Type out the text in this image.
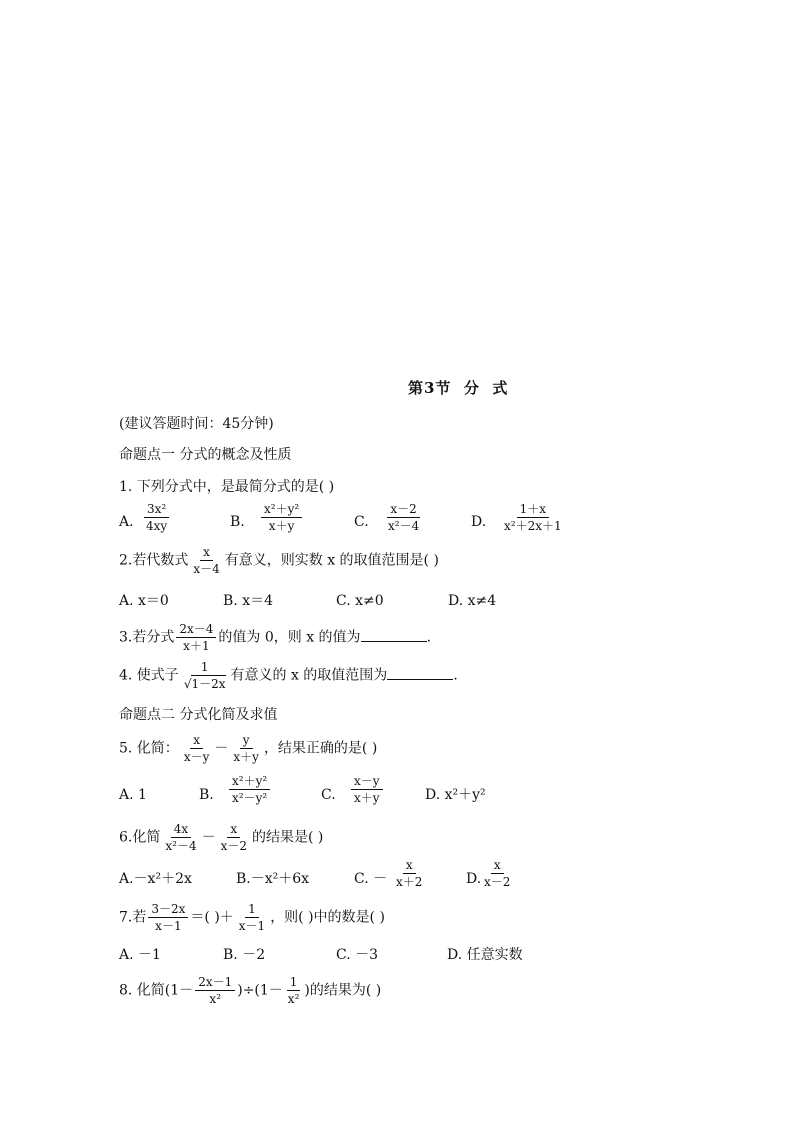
第3节  分  式
(建议答题时间：45分钟)
命题点一 分式的概念及性质
1. 下列分式中，是最简分式的是( )
A. $\frac{\text{3x²}}{4xy}$	B. $\frac{\text{x²＋y²}}{x+y}$	C. $\frac{x-2}{\text{x²－4}}$	D. $\frac{1+x}{\text{x²＋2x＋1}}$
2.若代数式 $\frac{x}{x-4}$ 有意义，则实数 x 的取值范围是( )
A. x＝0	B. x＝4	C. x≠0	D. x≠4
3.若分式 $\frac{2x-4}{x+1}$ 的值为 0，则 x 的值为	.
4. 使式子 $\frac{1}{√1-2x}$ 有意义的 x 的取值范围为	.
命题点二 分式化简及求值
5. 化简： $\frac{x}{x-y} - \frac{y}{x+y}$ ，结果正确的是( )
A. 1	B. $\frac{\text{x²＋y²}}{\text{x²－y²}}$	C. $\frac{x-y}{x+y}$	D. x²＋y²
6.化简 $\frac{4x}{\text{x²－4}} - \frac{x}{x-2}$ 的结果是( )
A.－x²＋2x	B.－x²＋6x	C. － $\frac{x}{x+2}$	D. $\frac{x}{x-2}$
7.若 $\frac{3-2x}{x-1}$ ＝( )＋ $\frac{1}{x-1}$ ，则( )中的数是( )
A. －1	B. －2	C. －3	D. 任意实数
8. 化简$(1- \frac{2x-1}{\text{x²}} )\div(1- \frac{1}{\text{x²}}$ )的结果为( )
